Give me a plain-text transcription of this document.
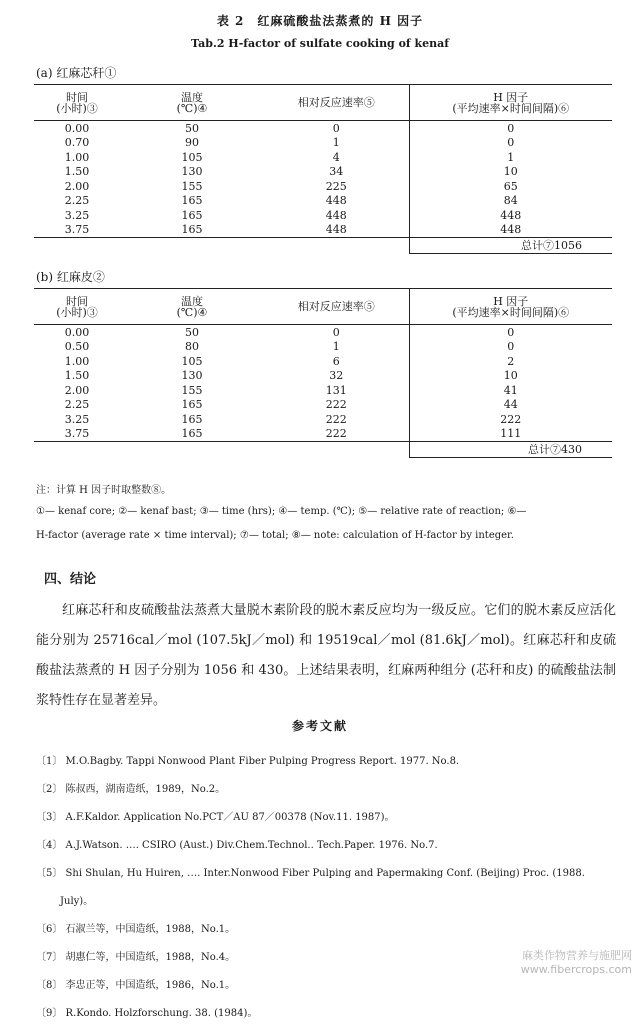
表 2　红麻硫酸盐法蒸煮的 H 因子
Tab.2 H-factor of sulfate cooking of kenaf
(a) 红麻芯秆①
时间
(小时)③	温度
(℃)④	相对反应速率⑤	H 因子
(平均速率×时间间隔)⑥

0.00	50	0	0
0.70	90	1	0
1.00	105	4	1
1.50	130	34	10
2.00	155	225	65
2.25	165	448	84
3.25	165	448	448
3.75	165	448	448
			总计⑦1056
(b) 红麻皮②
时间
(小时)③	温度
(℃)④	相对反应速率⑤	H 因子
(平均速率×时间间隔)⑥

0.00	50	0	0
0.50	80	1	0
1.00	105	6	2
1.50	130	32	10
2.00	155	131	41
2.25	165	222	44
3.25	165	222	222
3.75	165	222	111
			总计⑦430
注：计算 H 因子时取整数⑧。
①— kenaf core; ②— kenaf bast; ③— time (hrs); ④— temp. (℃); ⑤— relative rate of reaction; ⑥—
H-factor (average rate × time interval); ⑦— total; ⑧— note: calculation of H-factor by integer.
四、结论
红麻芯秆和皮硫酸盐法蒸煮大量脱木素阶段的脱木素反应均为一级反应。它们的脱木素反应活化能分别为 25716cal／mol (107.5kJ／mol) 和 19519cal／mol (81.6kJ／mol)。红麻芯秆和皮硫酸盐法蒸煮的 H 因子分别为 1056 和 430。上述结果表明，红麻两种组分 (芯秆和皮) 的硫酸盐法制浆特性存在显著差异。
参考文献
〔1〕 M.O.Bagby. Tappi Nonwood Plant Fiber Pulping Progress Report. 1977. No.8.
〔2〕 陈叔西，湖南造纸，1989，No.2。
〔3〕 A.F.Kaldor. Application No.PCT／AU 87／00378 (Nov.11. 1987)。
〔4〕 A.J.Watson. …. CSIRO (Aust.) Div.Chem.Technol.. Tech.Paper. 1976. No.7.
〔5〕 Shi Shulan, Hu Huiren, …. Inter.Nonwood Fiber Pulping and Papermaking Conf. (Beijing) Proc. (1988.
July)。
〔6〕 石淑兰等，中国造纸，1988，No.1。
〔7〕 胡惠仁等，中国造纸，1988，No.4。
〔8〕 李忠正等，中国造纸，1986，No.1。
〔9〕 R.Kondo. Holzforschung. 38. (1984)。
麻类作物营养与施肥网
www.fibercrops.com
